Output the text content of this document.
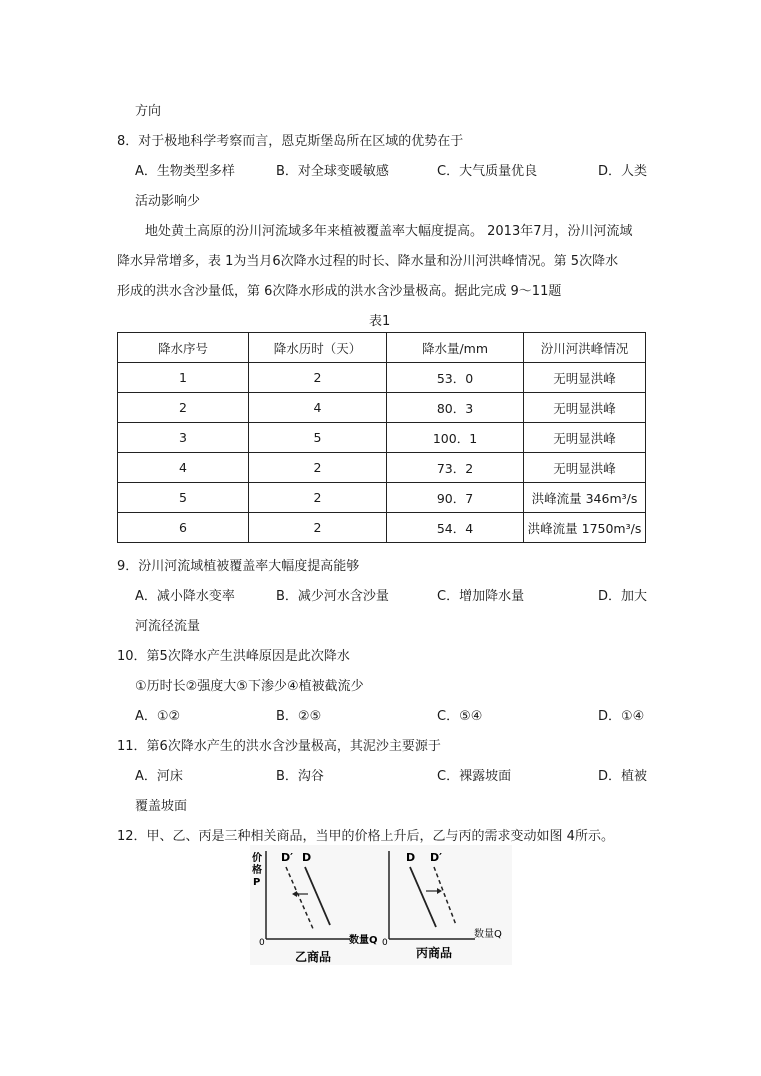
方向
8．对于极地科学考察而言，恩克斯堡岛所在区域的优势在于
A．生物类型多样	B．对全球变暖敏感	C．大气质量优良	D．人类
活动影响少
地处黄土高原的汾川河流域多年来植被覆盖率大幅度提高。 2013年7月，汾川河流域
降水异常增多，表 1为当月6次降水过程的时长、降水量和汾川河洪峰情况。第 5次降水
形成的洪水含沙量低，第 6次降水形成的洪水含沙量极高。据此完成 9～11题
表1
降水序号	降水历时（天）	降水量/mm	汾川河洪峰情况
1	2	53．0	无明显洪峰
2	4	80．3	无明显洪峰
3	5	100．1	无明显洪峰
4	2	73．2	无明显洪峰
5	2	90．7	洪峰流量 346m³/s
6	2	54．4	洪峰流量 1750m³/s
9．汾川河流域植被覆盖率大幅度提高能够
A．减小降水变率	B．减少河水含沙量	C．增加降水量	D．加大
河流径流量
10．第5次降水产生洪峰原因是此次降水
①历时长②强度大⑤下渗少④植被截流少
A．①②	B．②⑤	C．⑤④	D．①④
11．第6次降水产生的洪水含沙量极高，其泥沙主要源于
A．河床	B．沟谷	C．裸露坡面	D．植被
覆盖坡面
12．甲、乙、丙是三种相关商品，当甲的价格上升后，乙与丙的需求变动如图 4所示。
价
格
P
0	数量Q
D′ D
乙商品
0
数量Q
D D′
丙商品
